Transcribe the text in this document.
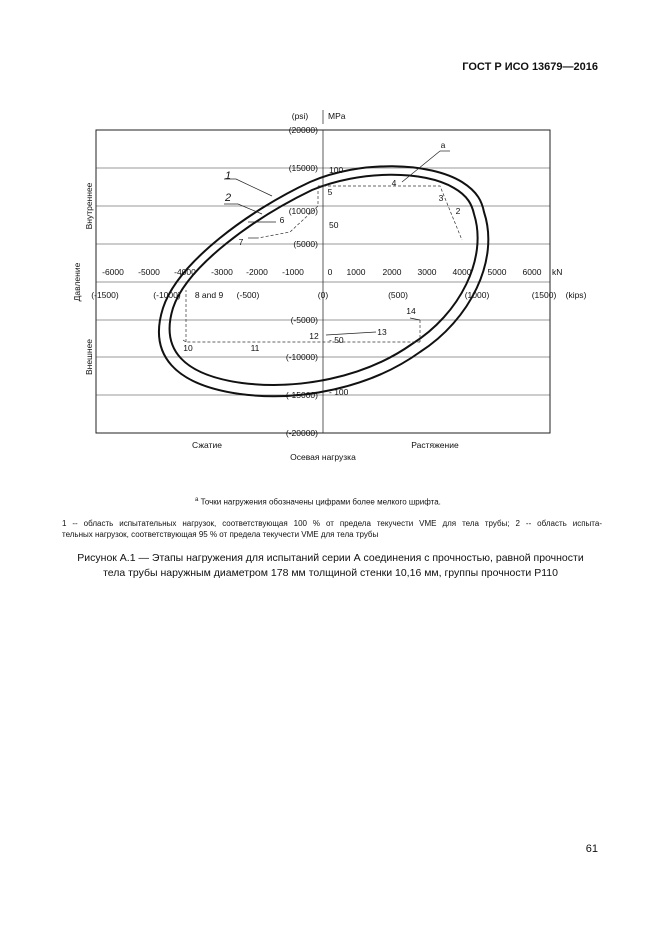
ГОСТ Р ИСО 13679—2016
(psi) MPa
(20000)
(15000)
(10000)
(5000)
(-5000)
(-10000)
(-15000)
(-20000)
100
50
- 50
- 100
-6000 -5000 -4000 -3000 -2000 -1000	0 1000 2000 3000 4000 5000 6000 kN
(-1500)	(-1000)	(-500)	(0)	(500)	(1000)	(1500) (kips)
Внутреннее
Давление
Внешнее
Сжатие	Растяжение
Осевая нагрузка
1
2
a
2
3
4
5
6
7
8 and 9
10	11
12	13
14
$^a$ Точки нагружения обозначены цифрами более мелкого шрифта.
1 -- область испытательных нагрузок, соответствующая 100 % от предела текучести VME для тела трубы; 2 -- область испыта-
тельных нагрузок, соответствующая 95 % от предела текучести VME для тела трубы
Рисунок А.1 — Этапы нагружения для испытаний серии А соединения с прочностью, равной прочности
тела трубы наружным диаметром 178 мм толщиной стенки 10,16 мм, группы прочности Р110
61
